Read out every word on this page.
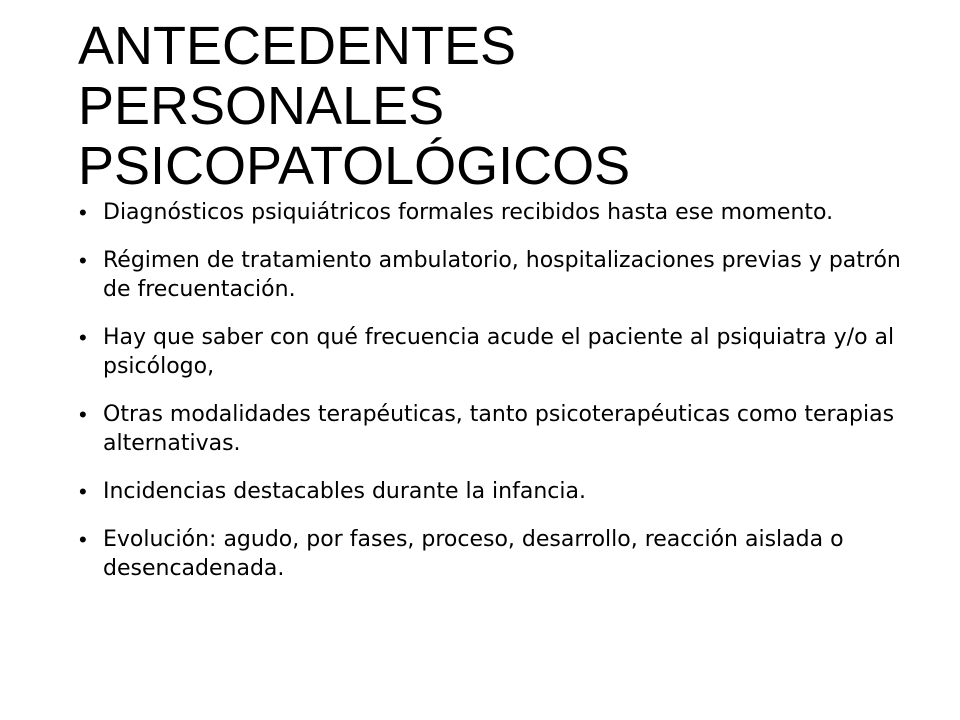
ANTECEDENTES
PERSONALES
PSICOPATOLÓGICOS
• Diagnósticos psiquiátricos formales recibidos hasta ese momento.
• Régimen de tratamiento ambulatorio, hospitalizaciones previas y patrón de frecuentación.
• Hay que saber con qué frecuencia acude el paciente al psiquiatra y/o al psicólogo,
• Otras modalidades terapéuticas, tanto psicoterapéuticas como terapias alternativas.
• Incidencias destacables durante la infancia.
• Evolución: agudo, por fases, proceso, desarrollo, reacción aislada o desencadenada.
